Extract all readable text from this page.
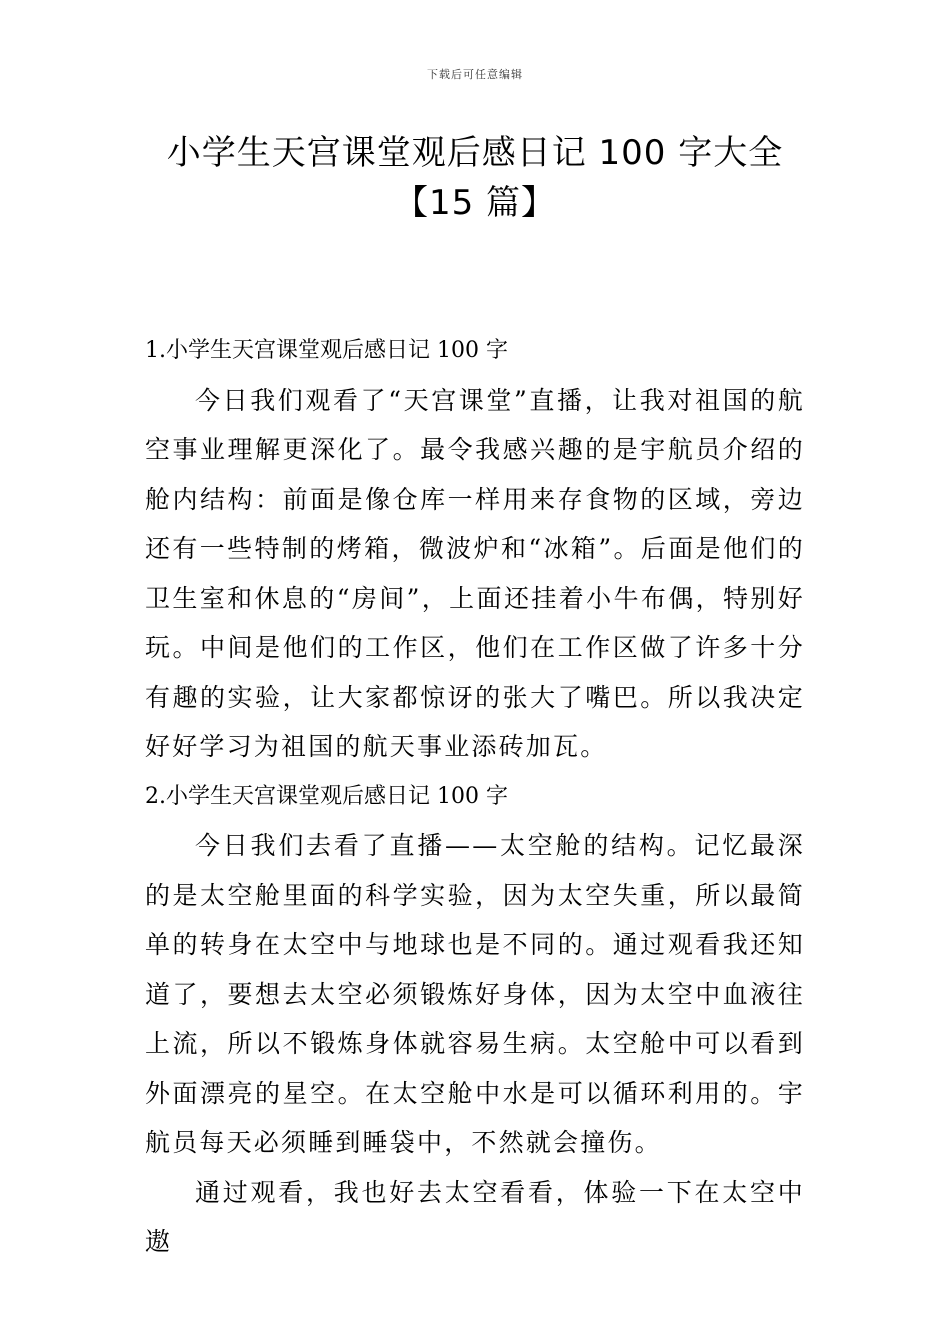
下载后可任意编辑
小学生天宫课堂观后感日记 100 字大全
【15 篇】

1.小学生天宫课堂观后感日记 100 字

今日我们观看了“天宫课堂”直播，让我对祖国的航空事业理解更深化了。最令我感兴趣的是宇航员介绍的舱内结构：前面是像仓库一样用来存食物的区域，旁边还有一些特制的烤箱，微波炉和“冰箱”。后面是他们的卫生室和休息的“房间”，上面还挂着小牛布偶，特别好玩。中间是他们的工作区，他们在工作区做了许多十分有趣的实验，让大家都惊讶的张大了嘴巴。所以我决定好好学习为祖国的航天事业添砖加瓦。

2.小学生天宫课堂观后感日记 100 字

今日我们去看了直播——太空舱的结构。记忆最深的是太空舱里面的科学实验，因为太空失重，所以最简单的转身在太空中与地球也是不同的。通过观看我还知道了，要想去太空必须锻炼好身体，因为太空中血液往上流，所以不锻炼身体就容易生病。太空舱中可以看到外面漂亮的星空。在太空舱中水是可以循环利用的。宇航员每天必须睡到睡袋中，不然就会撞伤。

通过观看，我也好去太空看看，体验一下在太空中遨
